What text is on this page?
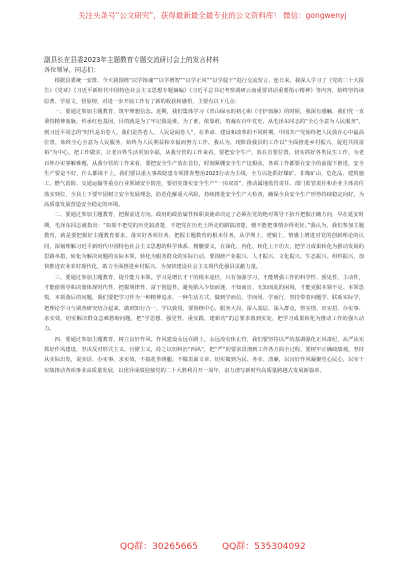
关注头条号“公文研究”，获得最新最全最专业的公文资料库！ 微信：gongwenyj

副县长在县委2023年主题教育专题交流研讨会上的发言材料

各位领导，同志们：

根据县委统一安排，今天我围绕“以学铸魂”“以学增智”“以学正风”“以学促干”进行交流发言。连日来，我深入学习了《党的二十大报告》《党章》《习近平新时代中国特色社会主义思想专题摘编》《习近平总书记考察调研云南重要讲话重要指示精神》等内容，始终坚持读原著、学原文、悟原理，对进一步开展工作有了新的收获和感悟，主要有以下几点：

一、要通过参加主题教育，筑牢理想信念。近期，我们集体学习《青山绿水的初心和《守护血脉》的时候，我深有感触，我们党一直秉持精神血脉，传承红色基因，目的就是为了牢记我是谁，为了谁，依靠谁，筑魂在百年党史，从毛泽东同志的“全心全意为人民服务”，到习近平同志的“时代是出卷人，我们是答卷人，人民是阅卷人”，在革命、建设和改革的不同时期，中国共产党始终把人民放在心中最高位置，始终全心全意为人民服务，始终为人民利益和幸福而努力工作。我认为，现阶段我县的工作以“全面推进乡村振兴、促进共同富裕”为中心，把工作做实，让老百姓生活更加幸福，从我分管的工作来看，要把安全生产，放在首要位置，切实抓好各类民生工作，为老百姓办实事解难题，从我分管的工作来看，要把安全生产放在首位，时刻紧绷安全生产这根弦，各项工作都要在安全的前提下推进，安全生产要是不好，什么都谈不上。我们要以重大事故隐患专项排查整治2023行动为主线，全力以赴抓好煤矿、非煤矿山、危化品、建筑施工、燃气消防、交通运输等重点行业领域安全防范，要切实落实安全生产“一岗双责”，推动属地监管责任、部门监管责任和企业主体责任落实到位，全县上下要牢固树立安全发展理念，防范化解重大风险，持续推进安全生产大检查，确保全县安全生产形势持续稳定向好，为高质量发展营造安全稳定的环境。

二、要通过参加主题教育，把握前进方向。政府的政治属性和职责使命决定了必须在党的绝对领导下抬升把握正确方向，早在延安时期，毛泽东同志就指出：“如果不把党的历史搞清楚，不把党在历史上所走的路搞清楚，便不能把事情办得更好。”我认为，我们参加主题教育，就是要把握好主题教育要求，落实好各项任务，把握主题教育的根本任务，从学理上、逻辑上、情感上增进对党的创新理论的认同，深刻理解习近平新时代中国特色社会主义思想的科学体系、精髓要义，在深化、内化、转化上下功夫，把学习成果转化为推动发展的思路举措，转化为解决问题的实际本领，转化为服务群众的实际行动，要围绕产业振兴、人才振兴、文化振兴、生态振兴、组织振兴，加快推进农业农村现代化，助力全面推进乡村振兴，为加快建设社会主义现代化强县贡献力量。

三、要通过参加主题教育，提升能力本领。学习是增长才干的根本途径，只有加强学习，才能增强工作的科学性、预见性、主动性，才能使领导和决策体现时代性、把握规律性、富于创造性，避免陷入少知而迷、不知而盲、无知而乱的困境，才能克服本领不足、本领恐慌、本领落后的问题，我们要把学习作为一种精神追求、一种生活方式，做到学而信、学而用、学而行，坚持带着问题学、联系实际学，把理论学习与调查研究结合起来，做到知行合一，学以致用，要围绕中心、服务大局，深入基层、深入群众，察实情、出实招、办实事、求实效，切实解决群众急难愁盼问题，把“学思想、强党性、重实践、建新功”的总要求落到实处，把学习成果转化为推动工作的强大动力。

四、要通过参加主题教育，树立良好作风。作风建设永远在路上，永远没有休止符，我们要坚持以严的基调强化正风肃纪，从严从实抓好作风建设，坚决反对形式主义、官僚主义，持之以恒纠治“四风”，把“严”的要求贯彻到工作各方面全过程，要树牢正确政绩观，坚持从实际出发，说实话、办实事、求实效，不搞花拳绣腿、不做表面文章，切实做到为民、务实、清廉，以良好作风凝聚党心民心，以实干实绩推动各项事业高质量发展，以优异成绩迎接党的二十大胜利召开一周年，奋力谱写新时代高质量跨越式发展新篇章。

QQ群：30265665	QQ群：535304092
